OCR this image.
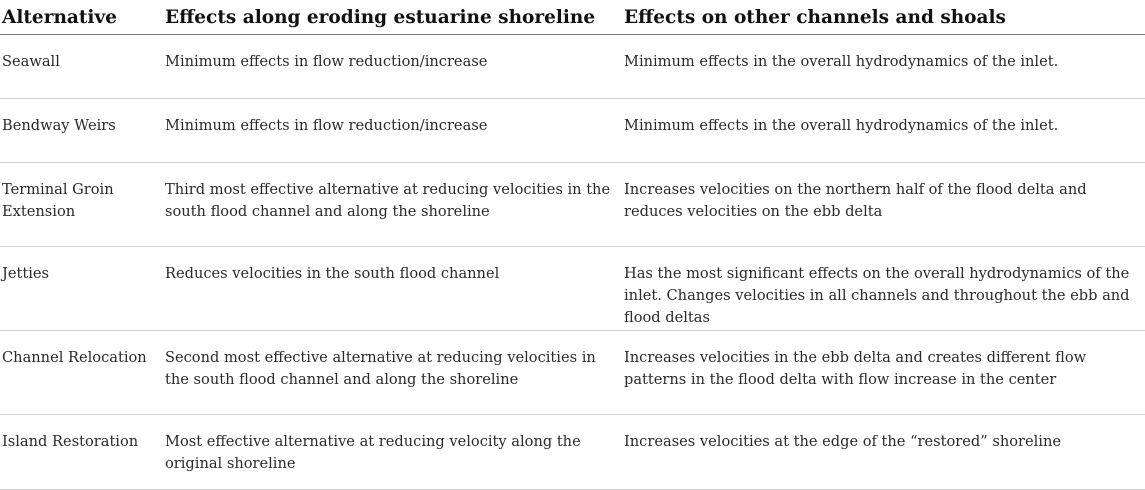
Alternative	Effects along eroding estuarine shoreline	Effects on other channels and shoals
Seawall	Minimum effects in flow reduction/increase	Minimum effects in the overall hydrodynamics of the inlet.
Bendway Weirs	Minimum effects in flow reduction/increase	Minimum effects in the overall hydrodynamics of the inlet.
Terminal Groin Extension	Third most effective alternative at reducing velocities in the south flood channel and along the shoreline	Increases velocities on the northern half of the flood delta and reduces velocities on the ebb delta
Jetties	Reduces velocities in the south flood channel	Has the most significant effects on the overall hydrodynamics of the inlet. Changes velocities in all channels and throughout the ebb and flood deltas
Channel Relocation	Second most effective alternative at reducing velocities in the south flood channel and along the shoreline	Increases velocities in the ebb delta and creates different flow patterns in the flood delta with flow increase in the center
Island Restoration	Most effective alternative at reducing velocity along the original shoreline	Increases velocities at the edge of the “restored” shoreline
